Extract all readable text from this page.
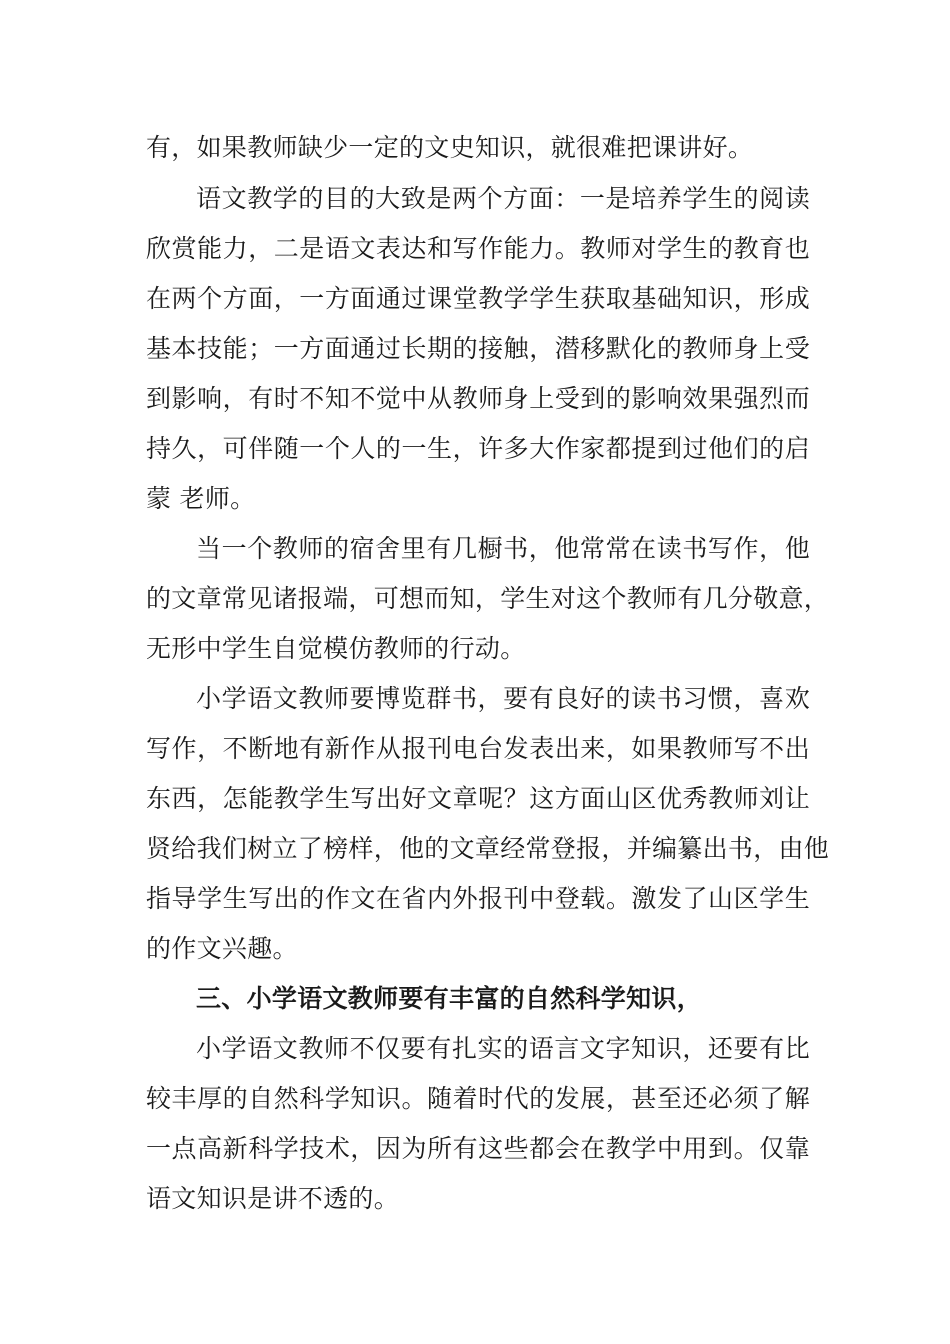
有，如果教师缺少一定的文史知识，就很难把课讲好。
语文教学的目的大致是两个方面：一是培养学生的阅读
欣赏能力，二是语文表达和写作能力。教师对学生的教育也
在两个方面，一方面通过课堂教学学生获取基础知识，形成
基本技能；一方面通过长期的接触，潜移默化的教师身上受
到影响，有时不知不觉中从教师身上受到的影响效果强烈而
持久，可伴随一个人的一生，许多大作家都提到过他们的启
蒙 老师。
当一个教师的宿舍里有几橱书，他常常在读书写作，他
的文章常见诸报端，可想而知，学生对这个教师有几分敬意，
无形中学生自觉模仿教师的行动。
小学语文教师要博览群书，要有良好的读书习惯，喜欢
写作，不断地有新作从报刊电台发表出来，如果教师写不出
东西，怎能教学生写出好文章呢？这方面山区优秀教师刘让
贤给我们树立了榜样，他的文章经常登报，并编纂出书，由他
指导学生写出的作文在省内外报刊中登载。激发了山区学生
的作文兴趣。
三、小学语文教师要有丰富的自然科学知识，
小学语文教师不仅要有扎实的语言文字知识，还要有比
较丰厚的自然科学知识。随着时代的发展，甚至还必须了解
一点高新科学技术，因为所有这些都会在教学中用到。仅靠
语文知识是讲不透的。
